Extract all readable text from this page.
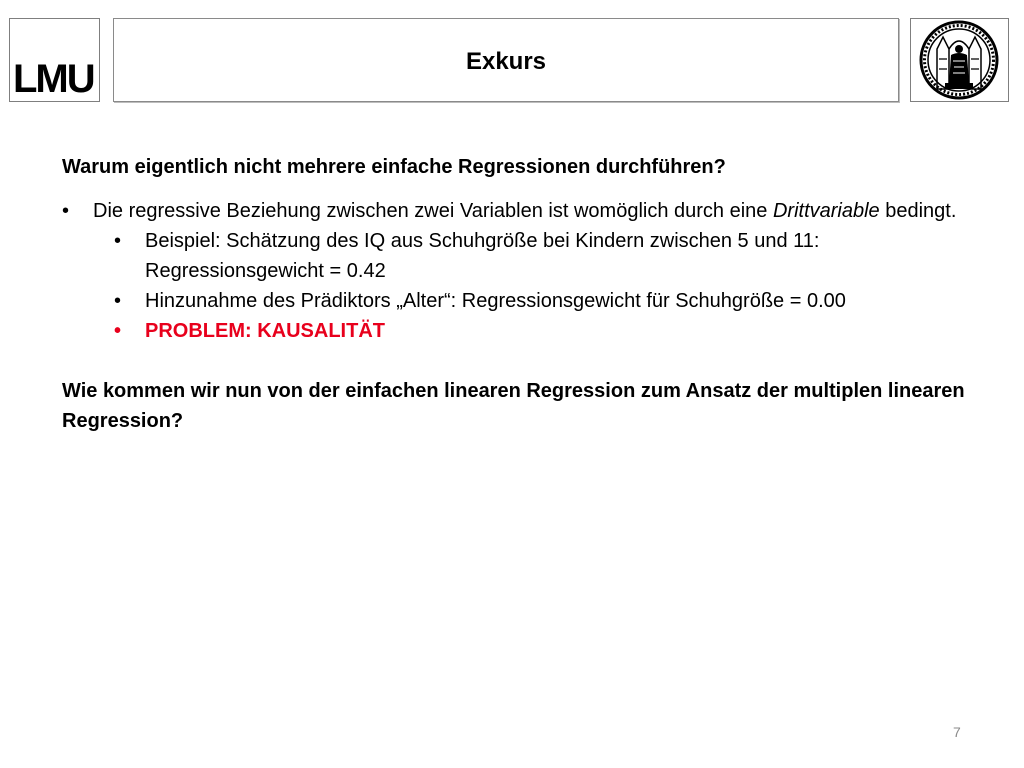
LMU	Exkurs
Warum eigentlich nicht mehrere einfache Regressionen durchführen?
• Die regressive Beziehung zwischen zwei Variablen ist womöglich durch eine Drittvariable bedingt.
• Beispiel: Schätzung des IQ aus Schuhgröße bei Kindern zwischen 5 und 11:
Regressionsgewicht = 0.42
• Hinzunahme des Prädiktors „Alter“: Regressionsgewicht für Schuhgröße = 0.00
• PROBLEM: KAUSALITÄT
Wie kommen wir nun von der einfachen linearen Regression zum Ansatz der multiplen linearen Regression?
7
